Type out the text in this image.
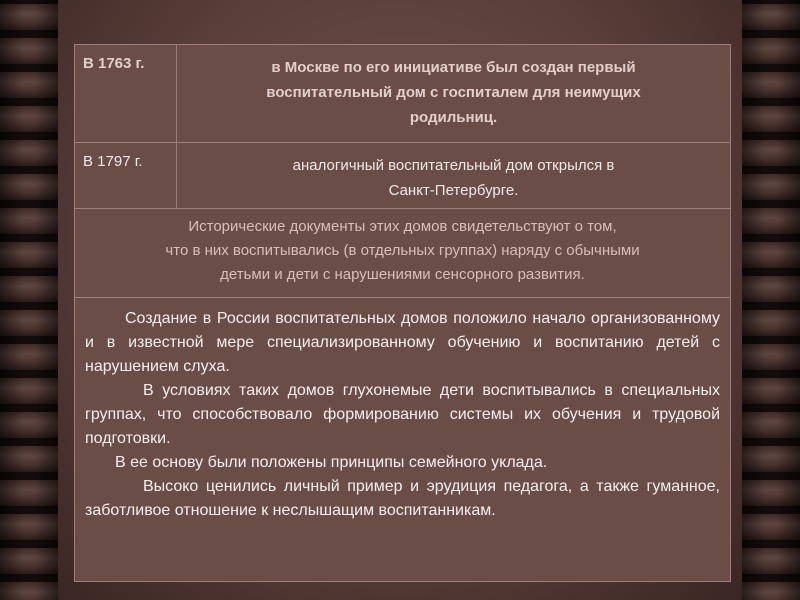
В 1763 г.	в Москве по его инициативе был создан первый
воспитательный дом с госпиталем для неимущих
родильниц.
В 1797 г.	аналогичный воспитательный дом открылся в
Санкт-Петербурге.
Исторические документы этих домов свидетельствуют о том,
что в них воспитывались (в отдельных группах) наряду с обычными
детьми и дети с нарушениями сенсорного развития.

Создание в России воспитательных домов положило начало организованному и в известной мере специализированному обучению и воспитанию детей с нарушением слуха.

В условиях таких домов глухонемые дети воспитывались в специальных группах, что способствовало формированию системы их обучения и трудовой подготовки.

В ее основу были положены принципы семейного уклада.

Высоко ценились личный пример и эрудиция педагога, а также гуманное, заботливое отношение к неслышащим воспитанникам.
